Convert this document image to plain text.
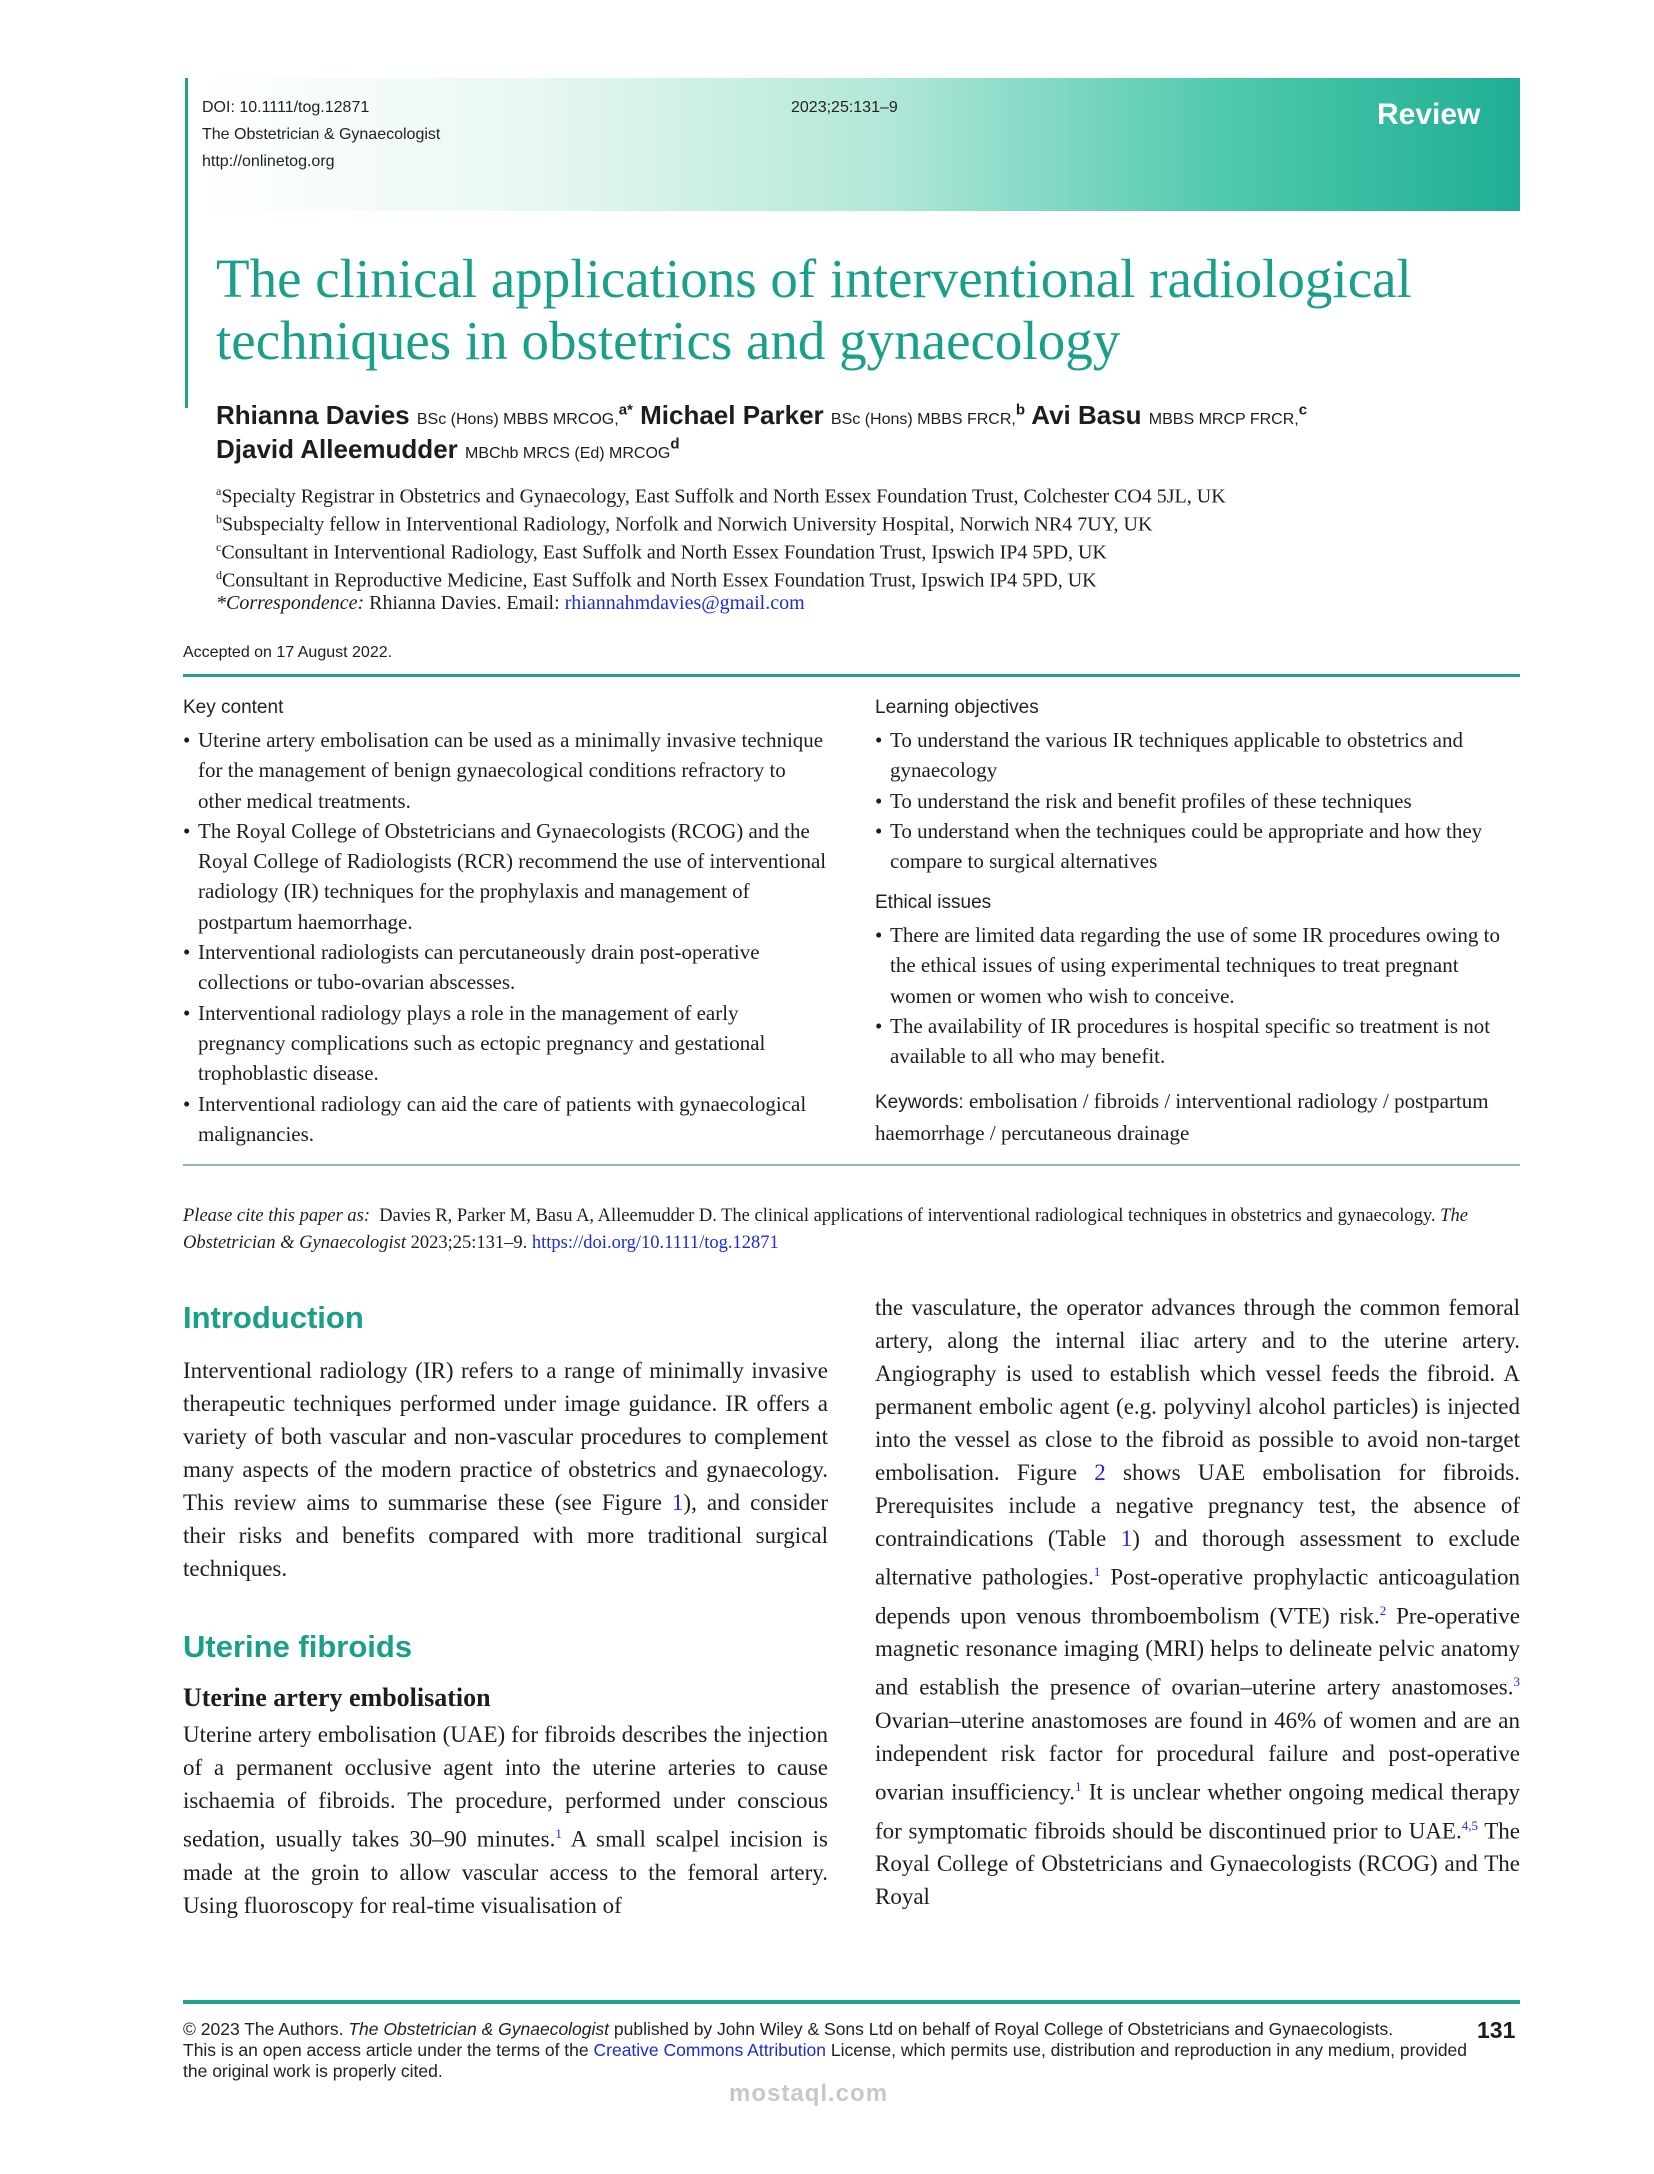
DOI: 10.1111/tog.12871
The Obstetrician & Gynaecologist
http://onlinetog.org
2023;25:131–9	Review
The clinical applications of interventional radiological techniques in obstetrics and gynaecology
Rhianna Davies BSc (Hons) MBBS MRCOG,$^{a*}$ Michael Parker BSc (Hons) MBBS FRCR,$^b$ Avi Basu MBBS MRCP FRCR,$^c$
Djavid Alleemudder MBChb MRCS (Ed) MRCOG$^d$
$^a$Specialty Registrar in Obstetrics and Gynaecology, East Suffolk and North Essex Foundation Trust, Colchester CO4 5JL, UK
$^b$Subspecialty fellow in Interventional Radiology, Norfolk and Norwich University Hospital, Norwich NR4 7UY, UK
$^c$Consultant in Interventional Radiology, East Suffolk and North Essex Foundation Trust, Ipswich IP4 5PD, UK
$^d$Consultant in Reproductive Medicine, East Suffolk and North Essex Foundation Trust, Ipswich IP4 5PD, UK
*Correspondence: Rhianna Davies. Email: rhiannahmdavies@gmail.com
Accepted on 17 August 2022.
Key content
• Uterine artery embolisation can be used as a minimally invasive technique for the management of benign gynaecological conditions refractory to other medical treatments.
• The Royal College of Obstetricians and Gynaecologists (RCOG) and the Royal College of Radiologists (RCR) recommend the use of interventional radiology (IR) techniques for the prophylaxis and management of postpartum haemorrhage.
• Interventional radiologists can percutaneously drain post-operative collections or tubo-ovarian abscesses.
• Interventional radiology plays a role in the management of early pregnancy complications such as ectopic pregnancy and gestational trophoblastic disease.
• Interventional radiology can aid the care of patients with gynaecological malignancies.
Learning objectives
• To understand the various IR techniques applicable to obstetrics and gynaecology
• To understand the risk and benefit profiles of these techniques
• To understand when the techniques could be appropriate and how they compare to surgical alternatives
Ethical issues
• There are limited data regarding the use of some IR procedures owing to the ethical issues of using experimental techniques to treat pregnant women or women who wish to conceive.
• The availability of IR procedures is hospital specific so treatment is not available to all who may benefit.
Keywords: embolisation / fibroids / interventional radiology / postpartum haemorrhage / percutaneous drainage
Please cite this paper as: Davies R, Parker M, Basu A, Alleemudder D. The clinical applications of interventional radiological techniques in obstetrics and gynaecology. The Obstetrician & Gynaecologist 2023;25:131–9. https://doi.org/10.1111/tog.12871
Introduction

Interventional radiology (IR) refers to a range of minimally invasive therapeutic techniques performed under image guidance. IR offers a variety of both vascular and non-vascular procedures to complement many aspects of the modern practice of obstetrics and gynaecology. This review aims to summarise these (see Figure 1), and consider their risks and benefits compared with more traditional surgical techniques.

Uterine fibroids
Uterine artery embolisation

Uterine artery embolisation (UAE) for fibroids describes the injection of a permanent occlusive agent into the uterine arteries to cause ischaemia of fibroids. The procedure, performed under conscious sedation, usually takes 30–90 minutes.$^1$ A small scalpel incision is made at the groin to allow vascular access to the femoral artery. Using fluoroscopy for real-time visualisation of

the vasculature, the operator advances through the common femoral artery, along the internal iliac artery and to the uterine artery. Angiography is used to establish which vessel feeds the fibroid. A permanent embolic agent (e.g. polyvinyl alcohol particles) is injected into the vessel as close to the fibroid as possible to avoid non-target embolisation. Figure 2 shows UAE embolisation for fibroids. Prerequisites include a negative pregnancy test, the absence of contraindications (Table 1) and thorough assessment to exclude alternative pathologies.$^1$ Post-operative prophylactic anticoagulation depends upon venous thromboembolism (VTE) risk.$^2$ Pre-operative magnetic resonance imaging (MRI) helps to delineate pelvic anatomy and establish the presence of ovarian–uterine artery anastomoses.$^3$ Ovarian–uterine anastomoses are found in 46% of women and are an independent risk factor for procedural failure and post-operative ovarian insufficiency.$^1$ It is unclear whether ongoing medical therapy for symptomatic fibroids should be discontinued prior to UAE.$^{4,5}$ The Royal College of Obstetricians and Gynaecologists (RCOG) and The Royal

© 2023 The Authors. The Obstetrician & Gynaecologist published by John Wiley & Sons Ltd on behalf of Royal College of Obstetricians and Gynaecologists.
This is an open access article under the terms of the Creative Commons Attribution License, which permits use, distribution and reproduction in any medium, provided the original work is properly cited.
131
mostaql.com
